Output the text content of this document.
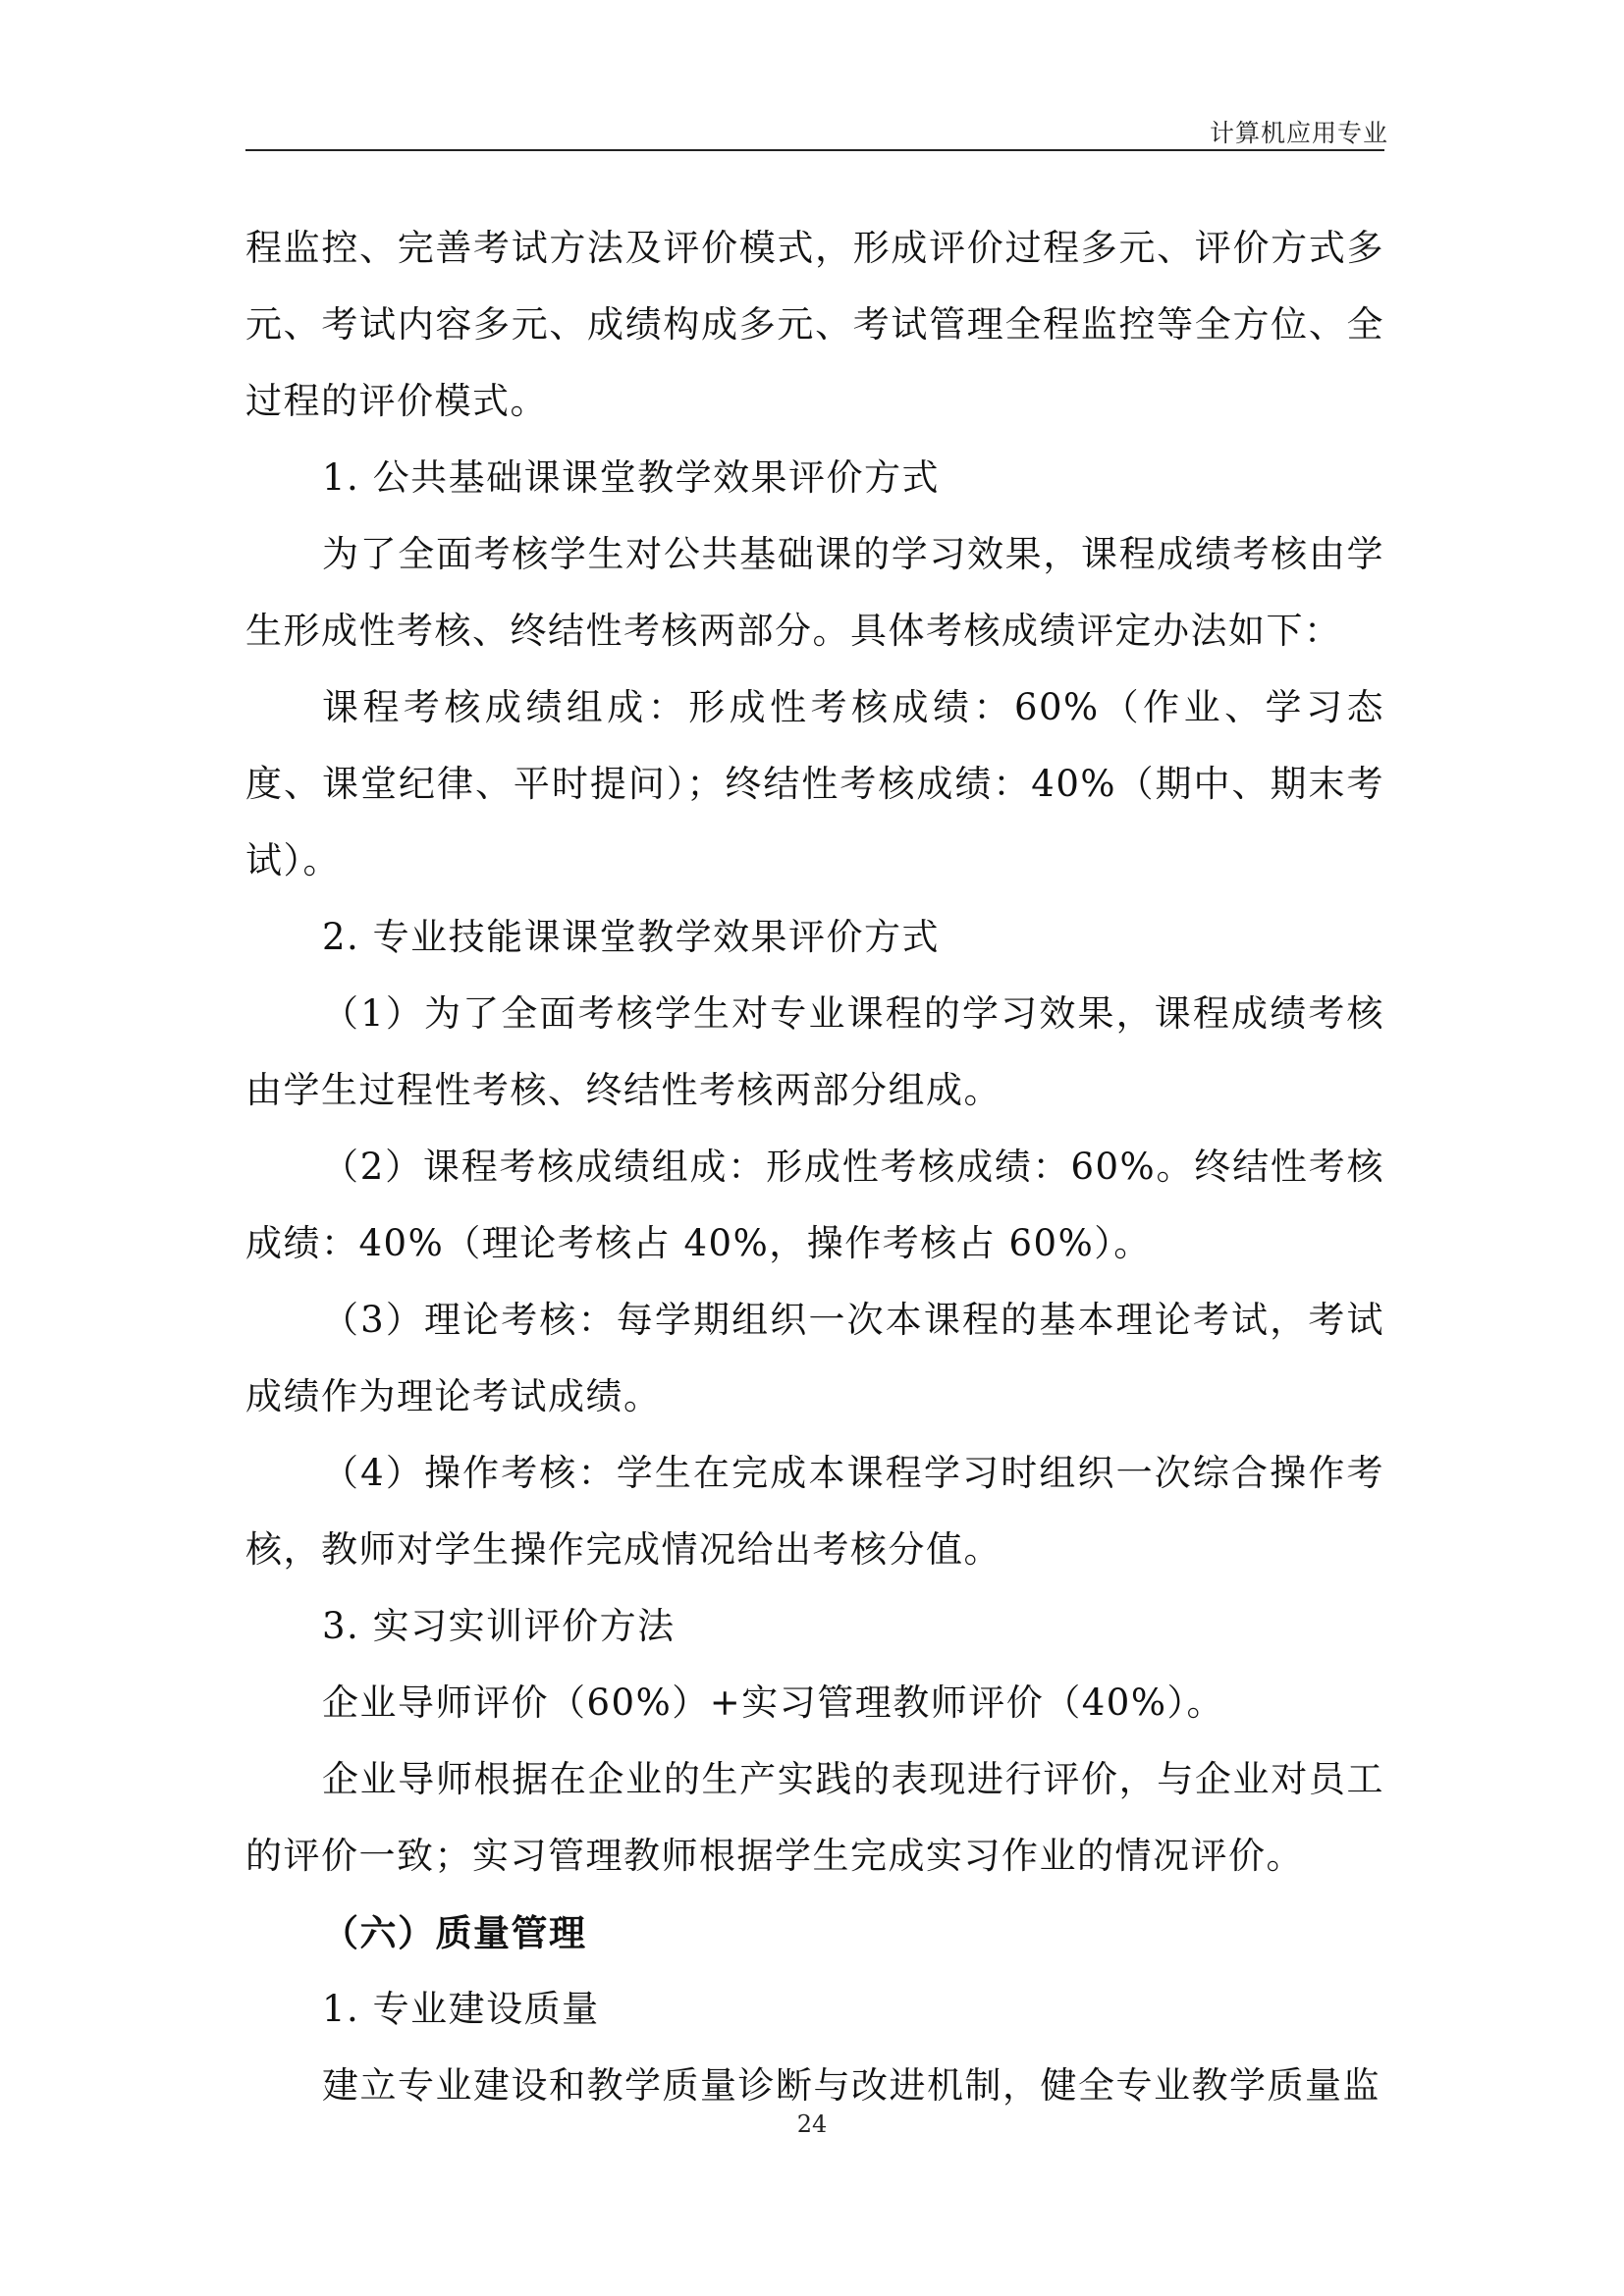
计算机应用专业

程监控、完善考试方法及评价模式，形成评价过程多元、评价方式多元、考试内容多元、成绩构成多元、考试管理全程监控等全方位、全过程的评价模式。

1. 公共基础课课堂教学效果评价方式

为了全面考核学生对公共基础课的学习效果，课程成绩考核由学生形成性考核、终结性考核两部分。具体考核成绩评定办法如下：

课程考核成绩组成：形成性考核成绩：60%（作业、学习态度、课堂纪律、平时提问）；终结性考核成绩：40%（期中、期末考试）。

2. 专业技能课课堂教学效果评价方式

（1）为了全面考核学生对专业课程的学习效果，课程成绩考核由学生过程性考核、终结性考核两部分组成。

（2）课程考核成绩组成：形成性考核成绩：60%。终结性考核成绩：40%（理论考核占 40%，操作考核占 60%）。

（3）理论考核：每学期组织一次本课程的基本理论考试，考试成绩作为理论考试成绩。

（4）操作考核：学生在完成本课程学习时组织一次综合操作考核，教师对学生操作完成情况给出考核分值。

3. 实习实训评价方法

企业导师评价（60%）+实习管理教师评价（40%）。

企业导师根据在企业的生产实践的表现进行评价，与企业对员工的评价一致；实习管理教师根据学生完成实习作业的情况评价。

（六）质量管理

1. 专业建设质量

建立专业建设和教学质量诊断与改进机制，健全专业教学质量监

24
